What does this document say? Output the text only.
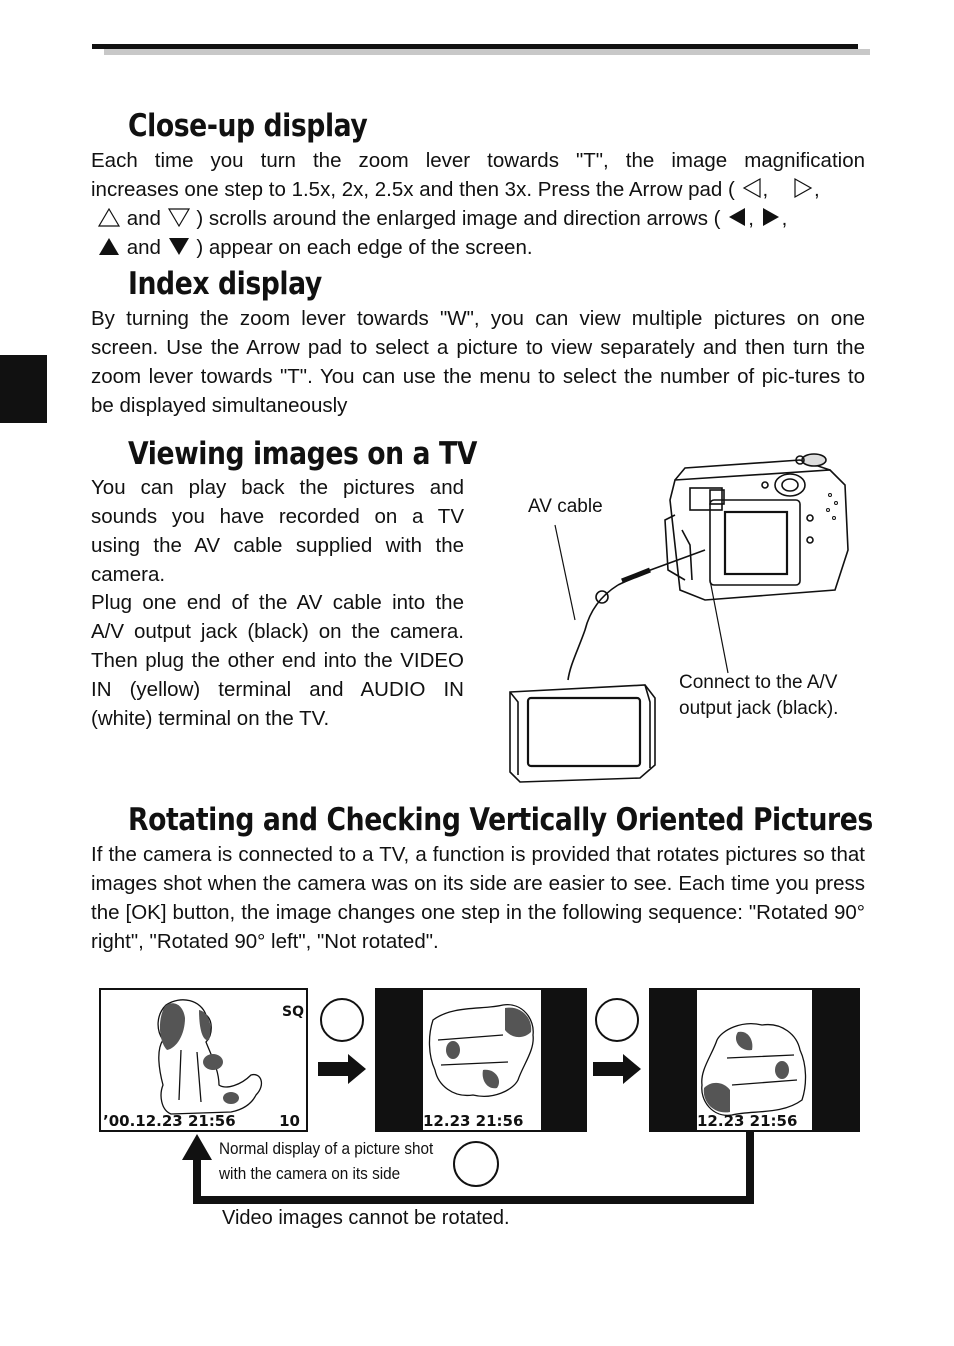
Close-up display
Each time you turn the zoom lever towards "T", the image magnification
increases one step to 1.5x, 2x, 2.5x and then 3x. Press the Arrow pad ( , ,
and ) scrolls around the enlarged image and direction arrows ( , ,
and ) appear on each edge of the screen.
Index display
By turning the zoom lever towards "W", you can view multiple pictures on one screen. Use the Arrow pad to select a picture to view separately and then turn the zoom lever towards "T". You can use the menu to select the number of pic-tures to be displayed simultaneously
Viewing images on a TV
You can play back the pictures and sounds you have recorded on a TV using the AV cable supplied with the camera.
Plug one end of the AV cable into the A/V output jack (black) on the camera. Then plug the other end into the VIDEO IN (yellow) terminal and AUDIO IN (white) terminal on the TV.
AV cable
Connect to the A/V
output jack (black).
Rotating and Checking Vertically Oriented Pictures
If the camera is connected to a TV, a function is provided that rotates pictures so that images shot when the camera was on its side are easier to see. Each time you press the [OK] button, the image changes one step in the following sequence: "Rotated 90° right", "Rotated 90° left", "Not rotated".
SQ
’00.12.23 21:56	10	12.23 21:56	12.23 21:56
Normal display of a picture shot
with the camera on its side
Video images cannot be rotated.
